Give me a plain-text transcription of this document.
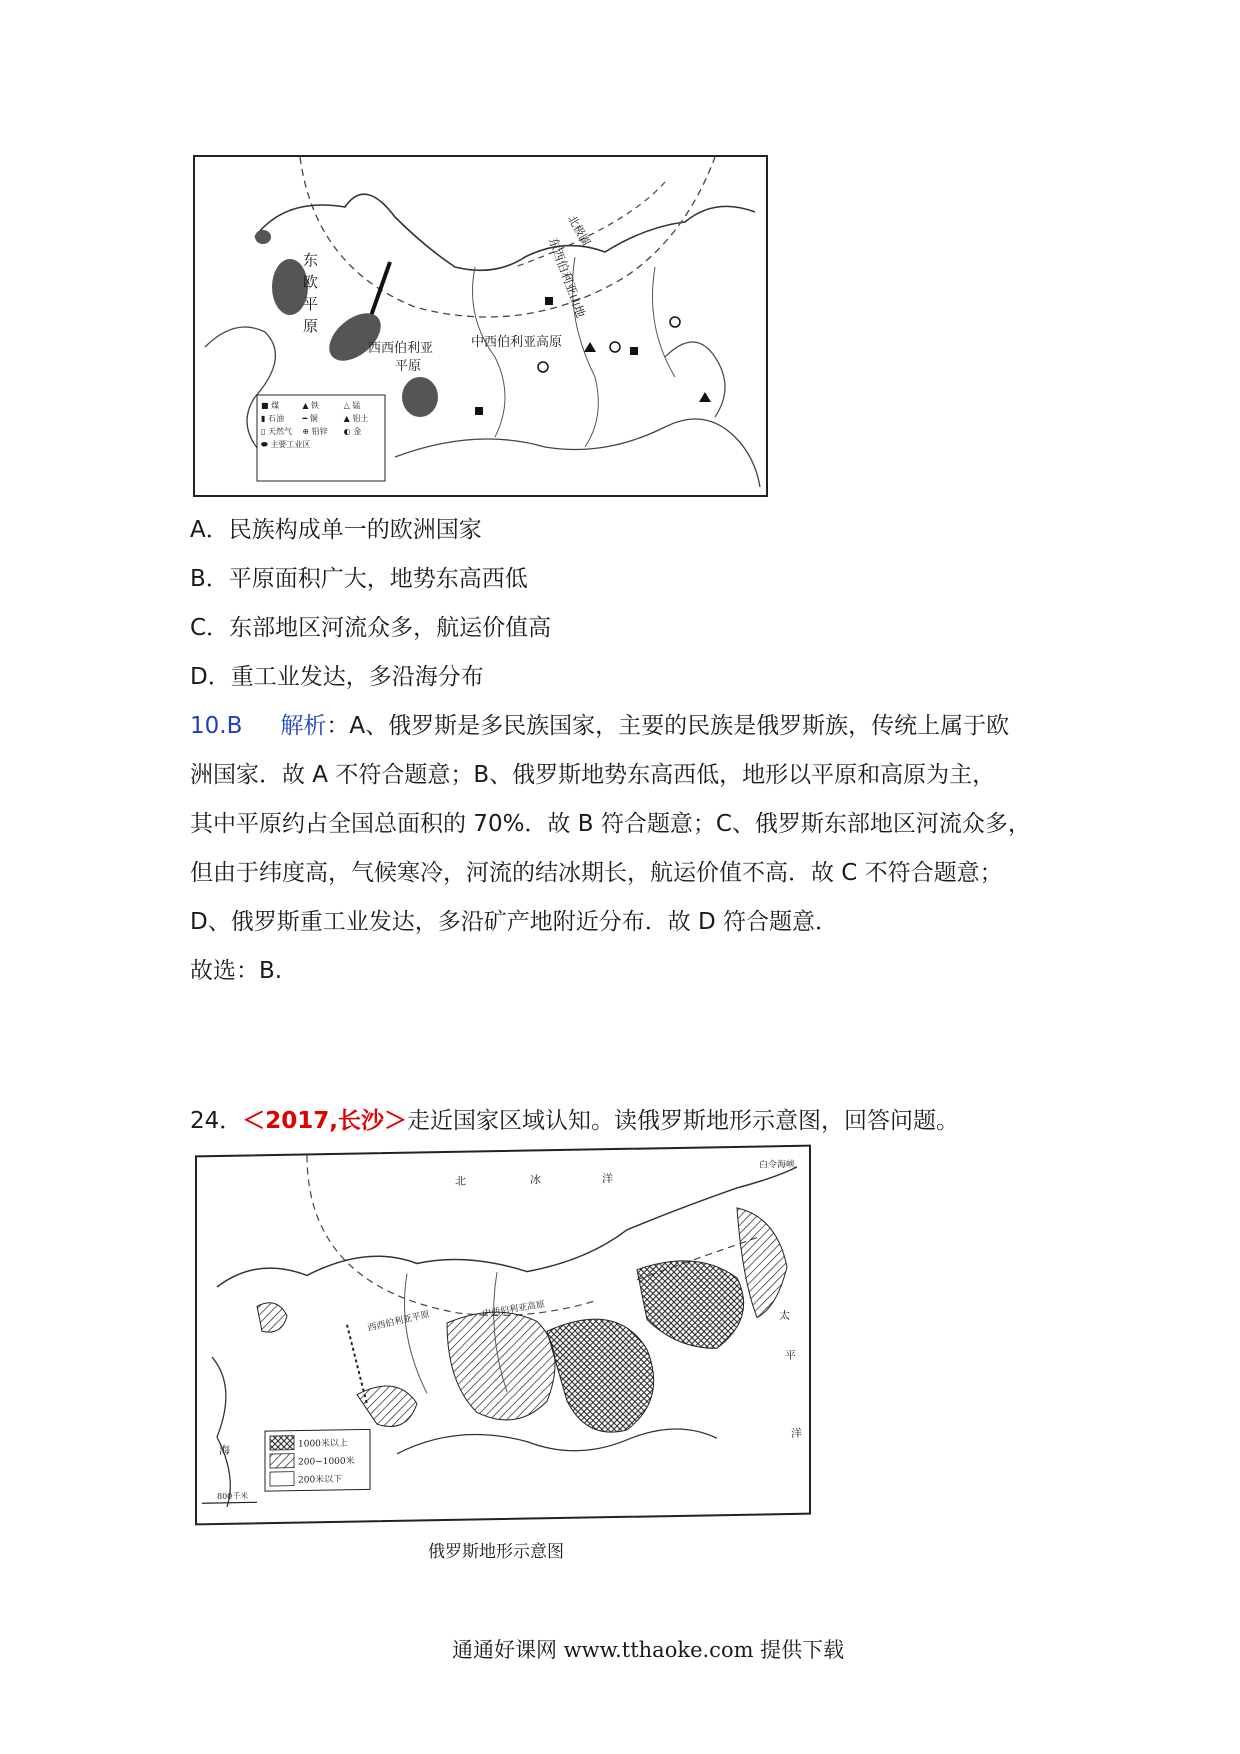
东
欧
平
原
西西伯利亚
平原
中西伯利亚高原
东西伯利亚山地
北极圈
■ 煤	▲ 铁	△ 锰
▮ 石油	━ 铜	▲ 铝土
▯ 天然气	⊕ 铅锌	◐ 金
⬬ 主要工业区
A．民族构成单一的欧洲国家
B．平原面积广大，地势东高西低
C．东部地区河流众多，航运价值高
D．重工业发达，多沿海分布
10.B 解析：A、俄罗斯是多民族国家，主要的民族是俄罗斯族，传统上属于欧
洲国家．故 A 不符合题意；B、俄罗斯地势东高西低，地形以平原和高原为主，
其中平原约占全国总面积的 70%．故 B 符合题意；C、俄罗斯东部地区河流众多，
但由于纬度高，气候寒冷，河流的结冰期长，航运价值不高．故 C 不符合题意；
D、俄罗斯重工业发达，多沿矿产地附近分布．故 D 符合题意．
故选：B.
24．＜2017,长沙＞走近国家区域认知。读俄罗斯地形示意图，回答问题。
北	冰	洋
白令海峡
太
平
洋
海
西西伯利亚平原
中西伯利亚高原
800千米
1000米以上
200~1000米
200米以下
俄罗斯地形示意图
通通好课网 www.tthaoke.com 提供下载
